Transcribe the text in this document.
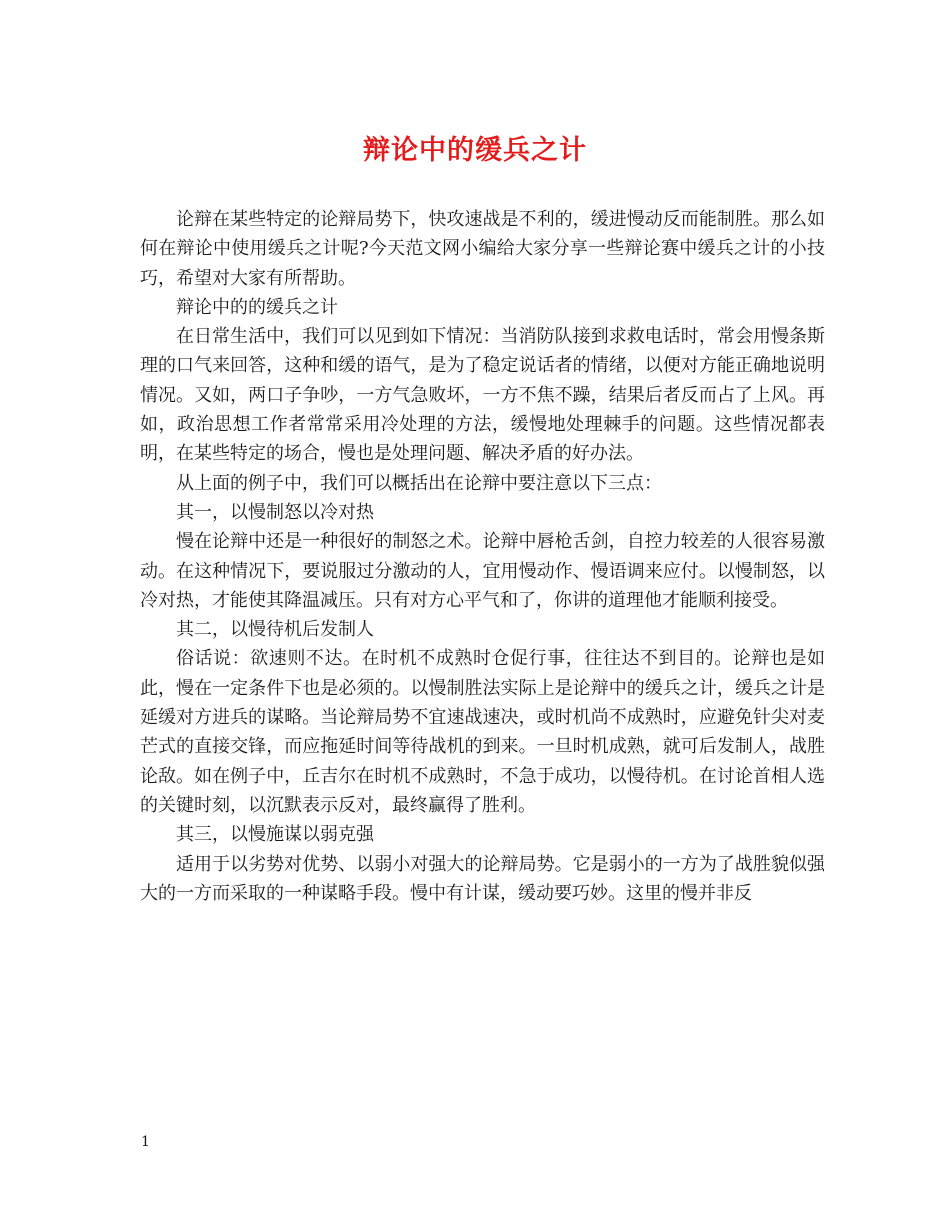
辩论中的缓兵之计

论辩在某些特定的论辩局势下，快攻速战是不利的，缓进慢动反而能制胜。那么如何在辩论中使用缓兵之计呢?今天范文网小编给大家分享一些辩论赛中缓兵之计的小技巧，希望对大家有所帮助。

辩论中的的缓兵之计

在日常生活中，我们可以见到如下情况：当消防队接到求救电话时，常会用慢条斯理的口气来回答，这种和缓的语气，是为了稳定说话者的情绪，以便对方能正确地说明情况。又如，两口子争吵，一方气急败坏，一方不焦不躁，结果后者反而占了上风。再如，政治思想工作者常常采用冷处理的方法，缓慢地处理棘手的问题。这些情况都表明，在某些特定的场合，慢也是处理问题、解决矛盾的好办法。

从上面的例子中，我们可以概括出在论辩中要注意以下三点：

其一，以慢制怒以冷对热

慢在论辩中还是一种很好的制怒之术。论辩中唇枪舌剑，自控力较差的人很容易激动。在这种情况下，要说服过分激动的人，宜用慢动作、慢语调来应付。以慢制怒，以冷对热，才能使其降温减压。只有对方心平气和了，你讲的道理他才能顺利接受。

其二，以慢待机后发制人

俗话说：欲速则不达。在时机不成熟时仓促行事，往往达不到目的。论辩也是如此，慢在一定条件下也是必须的。以慢制胜法实际上是论辩中的缓兵之计，缓兵之计是延缓对方进兵的谋略。当论辩局势不宜速战速决，或时机尚不成熟时，应避免针尖对麦芒式的直接交锋，而应拖延时间等待战机的到来。一旦时机成熟，就可后发制人，战胜论敌。如在例子中，丘吉尔在时机不成熟时，不急于成功，以慢待机。在讨论首相人选的关键时刻，以沉默表示反对，最终赢得了胜利。

其三，以慢施谋以弱克强

适用于以劣势对优势、以弱小对强大的论辩局势。它是弱小的一方为了战胜貌似强大的一方而采取的一种谋略手段。慢中有计谋，缓动要巧妙。这里的慢并非反

1
